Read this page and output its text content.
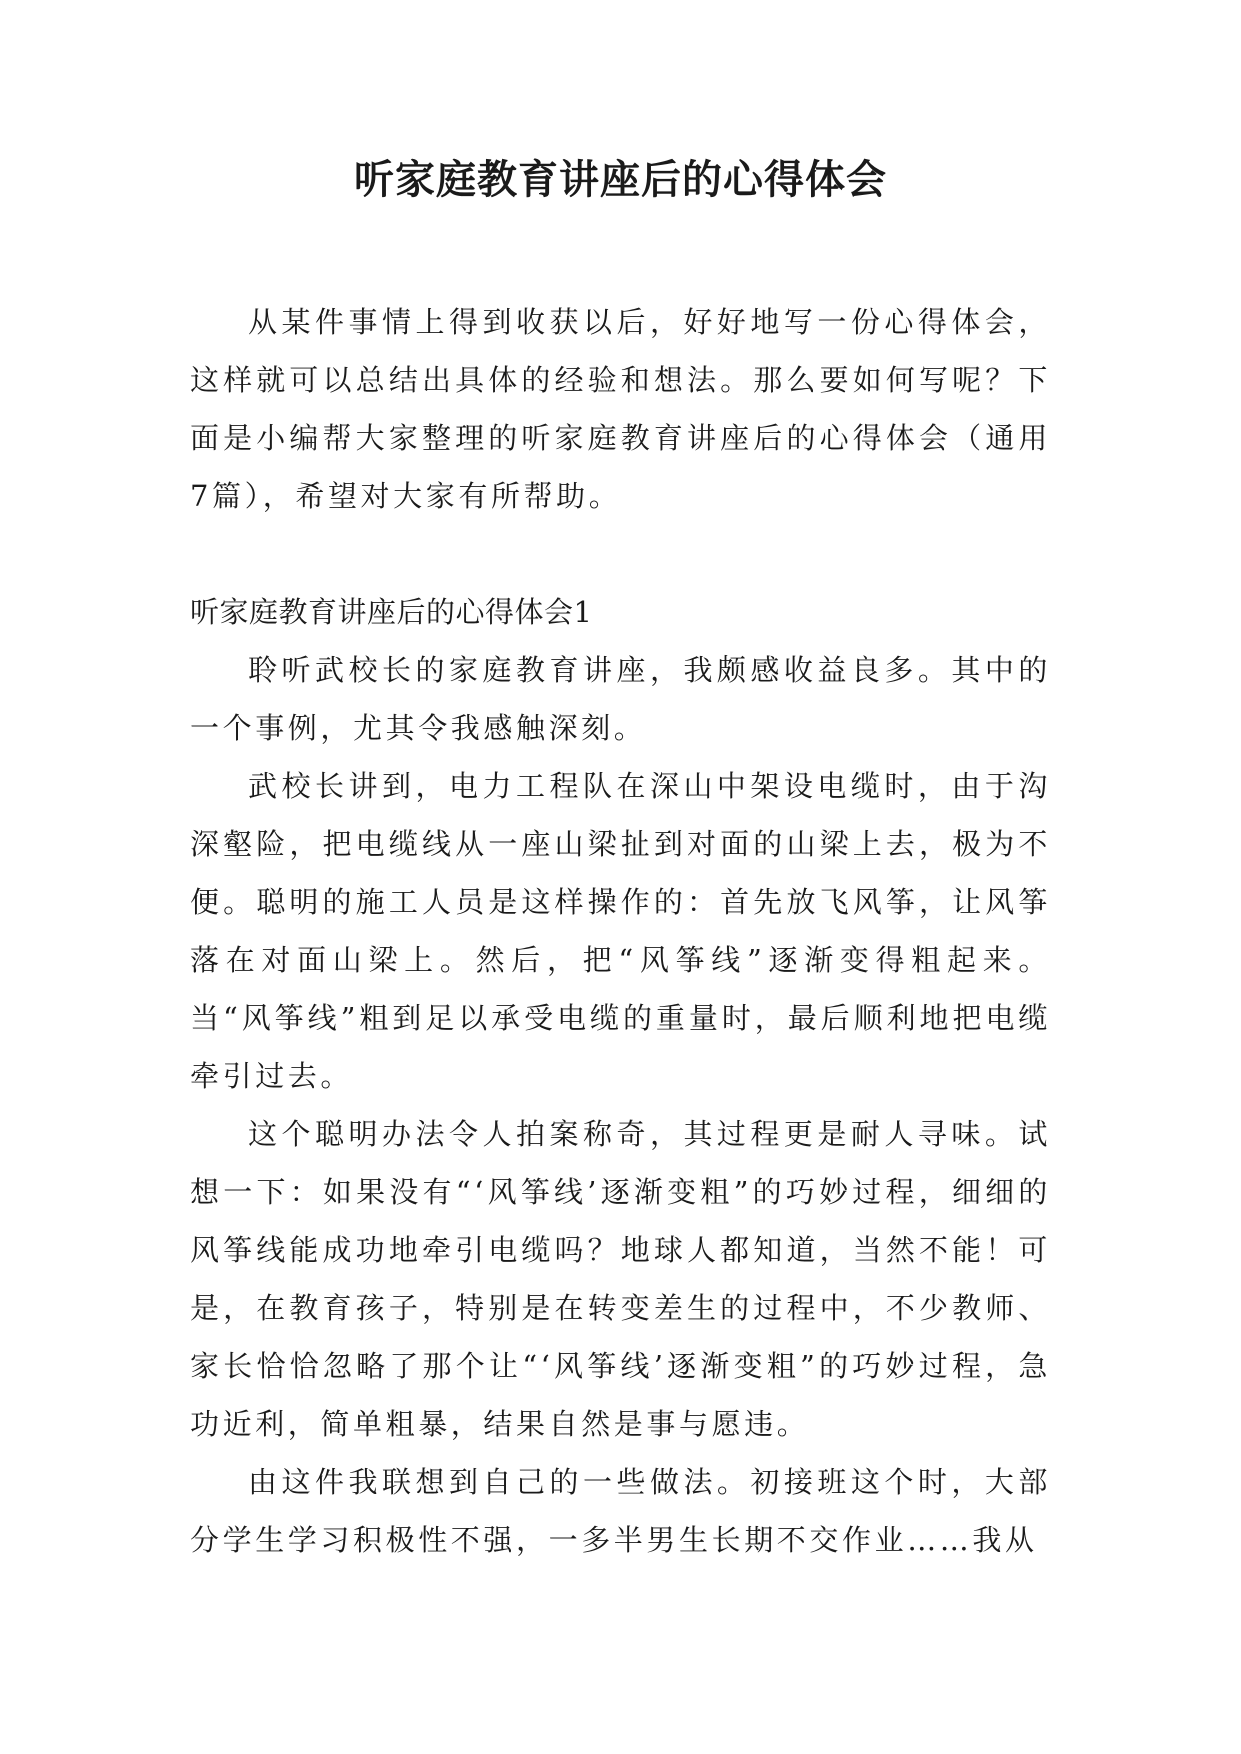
听家庭教育讲座后的心得体会

从某件事情上得到收获以后，好好地写一份心得体会，这样就可以总结出具体的经验和想法。那么要如何写呢？下面是小编帮大家整理的听家庭教育讲座后的心得体会（通用7篇），希望对大家有所帮助。

听家庭教育讲座后的心得体会1

聆听武校长的家庭教育讲座，我颇感收益良多。其中的一个事例，尤其令我感触深刻。

武校长讲到，电力工程队在深山中架设电缆时，由于沟深壑险，把电缆线从一座山梁扯到对面的山梁上去，极为不便。聪明的施工人员是这样操作的：首先放飞风筝，让风筝落在对面山梁上。然后，把“风筝线”逐渐变得粗起来。当“风筝线”粗到足以承受电缆的重量时，最后顺利地把电缆牵引过去。

这个聪明办法令人拍案称奇，其过程更是耐人寻味。试想一下：如果没有“‘风筝线’逐渐变粗”的巧妙过程，细细的风筝线能成功地牵引电缆吗？地球人都知道，当然不能！可是，在教育孩子，特别是在转变差生的过程中，不少教师、家长恰恰忽略了那个让“‘风筝线’逐渐变粗”的巧妙过程，急功近利，简单粗暴，结果自然是事与愿违。

由这件我联想到自己的一些做法。初接班这个时，大部分学生学习积极性不强，一多半男生长期不交作业……我从
